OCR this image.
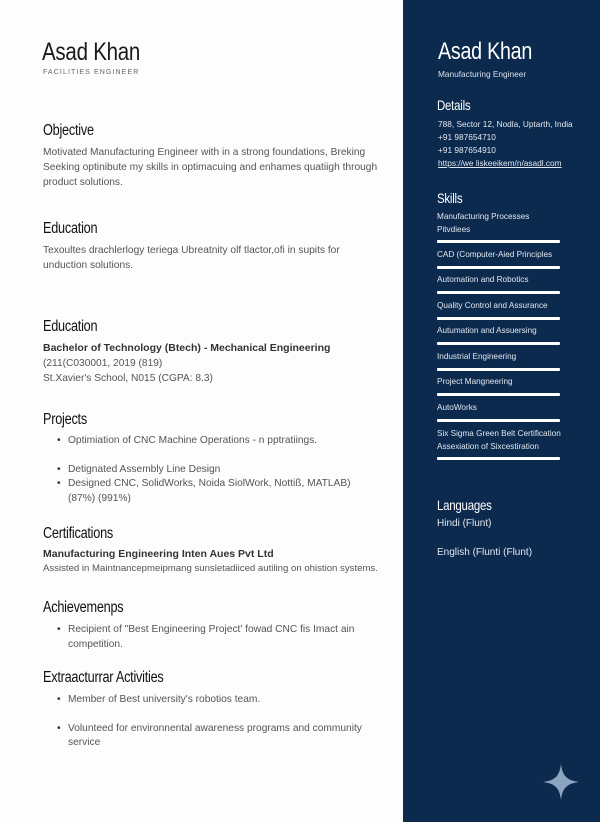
Asad Khan
FACILITIES ENGINEER
Objective
Motivated Manufacturing Engineer with in a strong foundations, Breking Seeking optinibute my skills in optimacuing and enhames quatiigh through product solutions.
Education
Texoultes drachlerlogy teriega Ubreatnity olf tlactor,ofi in supits for unduction solutions.
Education
Bachelor of Technology (Btech) - Mechanical Engineering
(211(C030001, 2019 (819)
St.Xavier's School, N015 (CGPA: 8.3)
Projects
• Optimiation of CNC Machine Operations - n pptratiings.
• Detignated Assembly Line Design
• Designed CNC, SolidWorks, Noida SiolWork, Nottiß, MATLAB) (87%) (991%)
Certifications
Manufacturing Engineering Inten Aues Pvt Ltd
Assisted in Maintnancepmeipmang sunsletadiiced autiling on ohistion systems.
Achievemenps
• Recipient of "Best Engineering Project' fowad CNC fis Imact ain competition.
Extraacturrar Activities
• Member of Best university's robotios team.
• Volunteed for environnental awareness programs and community service
Asad Khan
Manufacturing Engineer
Details
788, Sector 12, Nodla, Uptarth, India
+91 987654710
+91 987654910
https://we liskeeikem/n/asadl.com
Skills
Manufacturing Processes Pitvdiees
CAD (Computer-Aied Principles
Automation and Robotics
Quality Control and Assurance
Autumation and Assuersing
Industrial Engineering
Project Mangneering
AutoWorks
Six Sigma Green Belt Certification Assexiation of Sixcestiration
Languages
Hindi (Flunt)
English (Flunti (Flunt)
